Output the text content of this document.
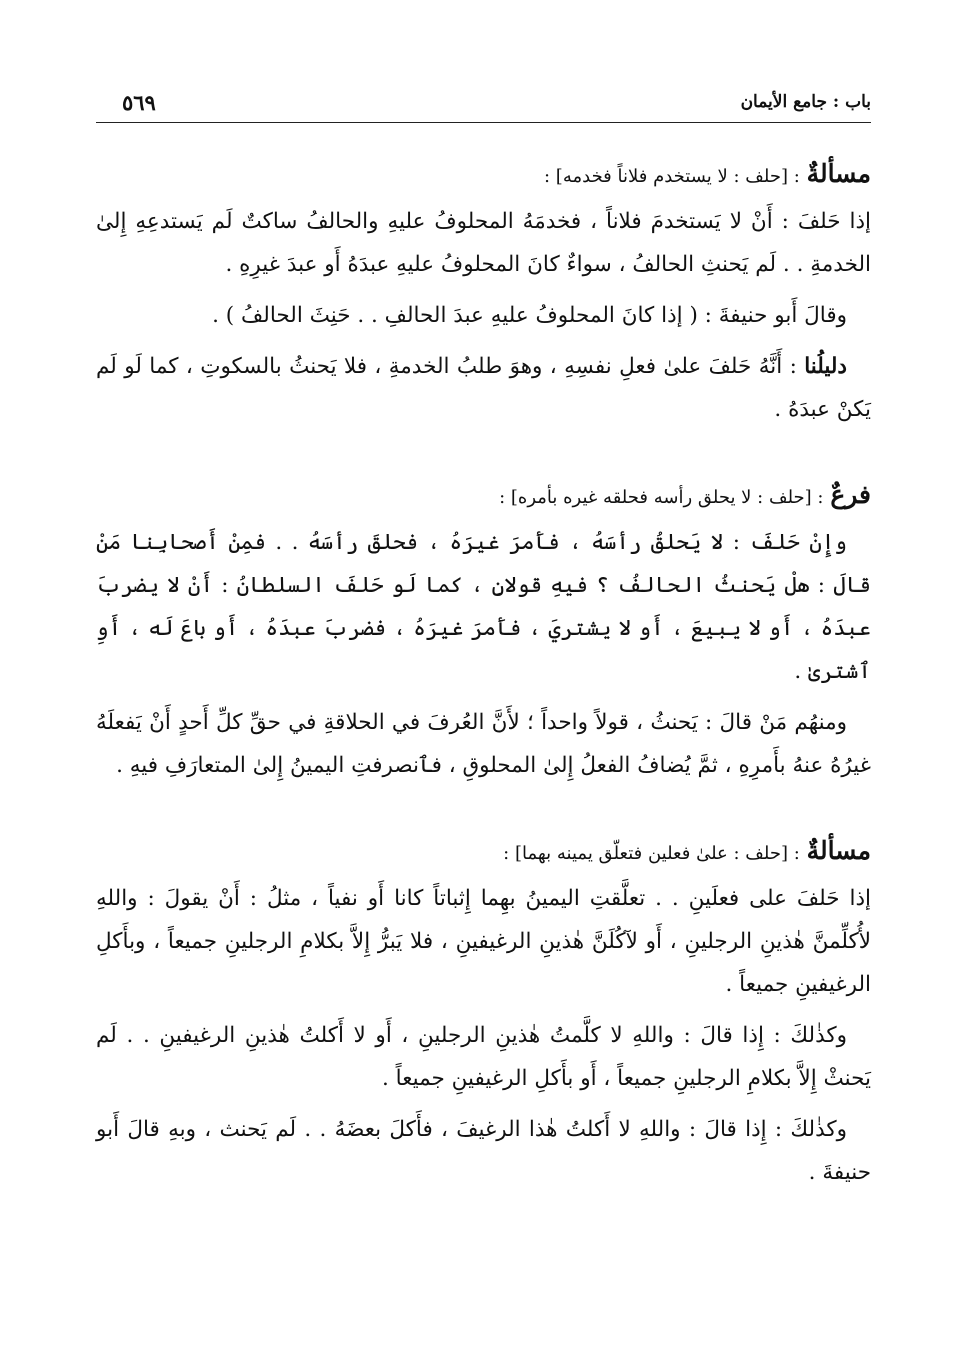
باب : جامع الأيمان
٥٦٩
مسألةٌ : [حلف : لا يستخدم فلاناً فخدمه] :

إذا حَلفَ : أَنْ لا يَستخدمَ فلاناً ، فخدمَهُ المحلوفُ عليهِ والحالفُ ساكتٌ لَم يَستدعِهِ إِلىٰ الخدمةِ . . لَم يَحنثِ الحالفُ ، سواءٌ كانَ المحلوفُ عليهِ عبدَهُ أَو عبدَ غيرِهِ .

وقالَ أَبو حنيفةَ : ( إذا كانَ المحلوفُ عليهِ عبدَ الحالفِ . . حَنِثَ الحالفُ ) .

دليلُنا : أَنَّهُ حَلفَ علىٰ فعلِ نفسِهِ ، وهوَ طلبُ الخدمةِ ، فلا يَحنثُ بالسكوتِ ، كما لَو لَم يَكنْ عبدَهُ .

فرعٌ : [حلف : لا يحلق رأسه فحلقه غيره بأمره] :

وإِنْ حَلفَ : لا يَحلقُ رأسَهُ ، فأَمرَ غيرَهُ ، فحلقَ رأسَهُ . . فمِنْ أَصحابِنا مَنْ قالَ : هلْ يَحنثُ الحالفُ ؟ فيهِ قولانِ ، كما لَو حَلفَ السلطانُ : أَنْ لا يضربَ عبدَهُ ، أَو لا يبيعَ ، أَو لا يشتريَ ، فأَمرَ غيرَهُ ، فضربَ عبدَهُ ، أَو باعَ لَه ، أَوِ ٱشترىٰ .

ومنهُم مَنْ قالَ : يَحنثُ ، قولاً واحداً ؛ لأَنَّ العُرفَ في الحلاقةِ في حقِّ كلِّ أَحدٍ أَنْ يَفعلَهُ غيرُهُ عنهُ بأَمرِهِ ، ثمَّ يُضافُ الفعلُ إِلىٰ المحلوقِ ، فٱنصرفتِ اليمينُ إِلىٰ المتعارَفِ فيهِ .

مسألةٌ : [حلف : علىٰ فعلين فتعلّق يمينه بهما] :

إذا حَلفَ على فعلَينِ . . تعلَّقتِ اليمينُ بهِما إِثباتاً كانا أَو نفياً ، مثلُ : أَنْ يقولَ : واللهِ لأُكلِّمنَّ هٰذينِ الرجلينِ ، أَو لآكُلَنَّ هٰذينِ الرغيفينِ ، فلا يَبرُّ إِلاَّ بكلامِ الرجلينِ جميعاً ، وبأَكلِ الرغيفينِ جميعاً .

وكذٰلكَ : إِذا قالَ : واللهِ لا كلَّمتُ هٰذينِ الرجلينِ ، أَو لا أَكلتُ هٰذينِ الرغيفينِ . . لَم يَحنثْ إِلاَّ بكلامِ الرجلينِ جميعاً ، أَو بأَكلِ الرغيفينِ جميعاً .

وكذٰلكَ : إِذا قالَ : واللهِ لا أَكلتُ هٰذا الرغيفَ ، فأَكلَ بعضَهُ . . لَم يَحنث ، وبهِ قالَ أَبو حنيفةَ .
